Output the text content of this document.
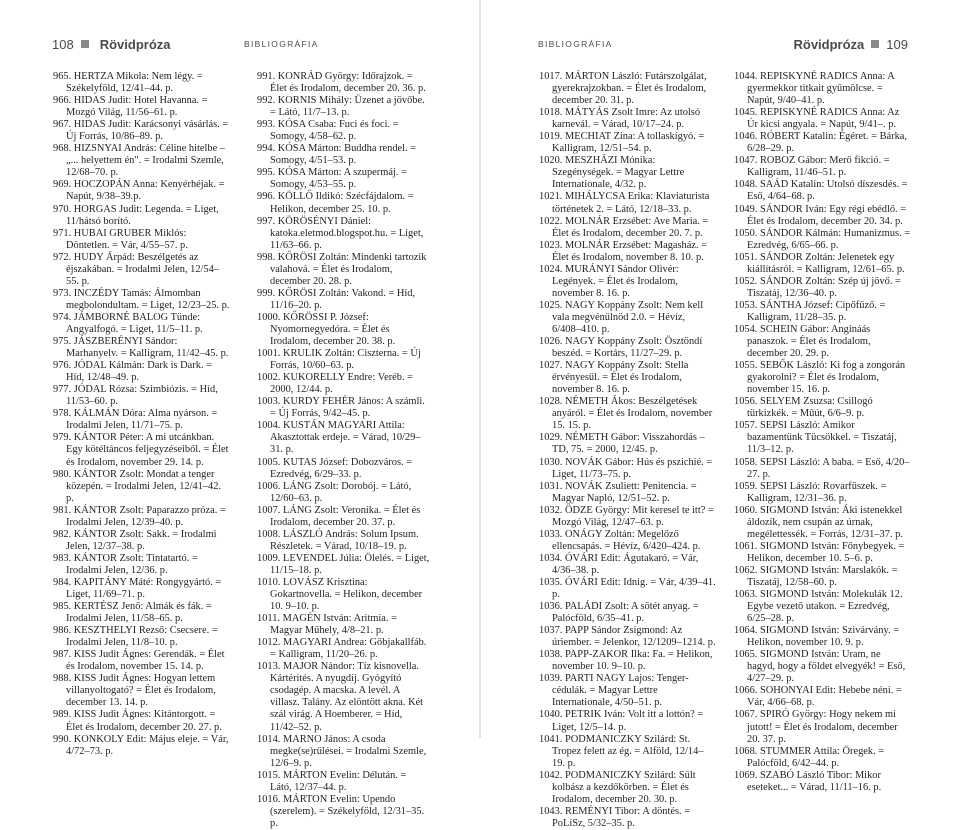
108 Rövidpróza	BIBLIOGRÁFIA	BIBLIOGRÁFIA	Rövidpróza 109
965. HERTZA Mikola: Nem légy. = Székelyföld, 12/41–44. p.
966. HIDAS Judit: Hotel Havanna. = Mozgó Világ, 11/56–61. p.
967. HIDAS Judit: Karácsonyi vásárlás. = Új Forrás, 10/86–89. p.
968. HIZSNYAI András: Céline hitelbe – „... helyettem én". = Irodalmi Szemle, 12/68–70. p.
969. HOCZOPÁN Anna: Kenyérhéjak. = Napút, 9/38–39.p.
970. HORGAS Judit: Legenda. = Liget, 11/hátsó borító.
971. HUBAI GRUBER Miklós: Döntetlen. = Vár, 4/55–57. p.
972. HUDY Árpád: Beszélgetés az éjszakában. = Irodalmi Jelen, 12/54–55. p.
973. INCZÉDY Tamás: Álmomban megbolondultam. = Liget, 12/23–25. p.
974. JÁMBORNÉ BALOG Tünde: Angyalfogó. = Liget, 11/5–11. p.
975. JÁSZBERÉNYI Sándor: Marhanyelv. = Kalligram, 11/42–45. p.
976. JÓDAL Kálmán: Dark is Dark. = Híd, 12/48–49. p.
977. JÓDAL Rózsa: Szimbiózis. = Híd, 11/53–60. p.
978. KÁLMÁN Dóra: Alma nyárson. = Irodalmi Jelen, 11/71–75. p.
979. KÁNTOR Péter: A mi utcánkban. Egy kötéltáncos feljegyzéseiből. = Élet és Irodalom, november 29. 14. p.
980. KÁNTOR Zsolt: Mondat a tenger közepén. = Irodalmi Jelen, 12/41–42. p.
981. KÁNTOR Zsolt: Paparazzo próza. = Irodalmi Jelen, 12/39–40. p.
982. KÁNTOR Zsolt: Sakk. = Irodalmi Jelen, 12/37–38. p.
983. KÁNTOR Zsolt: Tintatartó. = Irodalmi Jelen, 12/36. p.
984. KAPITÁNY Máté: Rongygyártó. = Liget, 11/69–71. p.
985. KERTÉSZ Jenő: Almák és fák. = Irodalmi Jelen, 11/58–65. p.
986. KESZTHELYI Rezső: Csecsere. = Irodalmi Jelen, 11/8–10. p.
987. KISS Judit Ágnes: Gerendák. = Élet és Irodalom, november 15. 14. p.
988. KISS Judit Ágnes: Hogyan lettem villanyoltogató? = Élet és Irodalom, december 13. 14. p.
989. KISS Judit Ágnes: Kitántorgott. = Élet és Irodalom, december 20. 27. p.
990. KONKOLY Edit: Május eleje. = Vár, 4/72–73. p.
991. KONRÁD György: Időrajzok. = Élet és Irodalom, december 20. 36. p.
992. KORNIS Mihály: Üzenet a jövőbe. = Látó, 11/7–13. p.
993. KÓSA Csaba: Fuci és foci. = Somogy, 4/58–62. p.
994. KÓSA Márton: Buddha rendel. = Somogy, 4/51–53. p.
995. KÓSA Márton: A szupermáj. = Somogy, 4/53–55. p.
996. KÖLLŐ Ildikó: Szécfájdalom. = Helikon, december 25. 10. p.
997. KÖRÖSÉNYI Dániel: katoka.eletmod.blogspot.hu. = Liget, 11/63–66. p.
998. KŐRÖSI Zoltán: Mindenki tartozik valahová. = Élet és Irodalom, december 20. 28. p.
999. KŐRÖSI Zoltán: Vakond. = Híd, 11/16–20. p.
1000. KŐRÖSSI P. József: Nyomornegyedóra. = Élet és Irodalom, december 20. 38. p.
1001. KRULIK Zoltán: Ciszterna. = Új Forrás, 10/60–63. p.
1002. KUKORELLY Endre: Veréb. = 2000, 12/44. p.
1003. KURDY FEHÉR János: A számli. = Új Forrás, 9/42–45. p.
1004. KUSTÁN MAGYARI Attila: Akasztottak erdeje. = Várad, 10/29–31. p.
1005. KUTAS József: Dobozváros. = Ezredvég, 6/29–33. p.
1006. LÁNG Zsolt: Dorobój. = Látó, 12/60–63. p.
1007. LÁNG Zsolt: Veronika. = Élet és Irodalom, december 20. 37. p.
1008. LÁSZLÓ András: Solum Ipsum. Részletek. = Várad, 10/18–19. p.
1009. LEVENDEL Júlia: Ölelés. = Liget, 11/15–18. p.
1010. LOVÁSZ Krisztina: Gokartnovella. = Helikon, december 10. 9–10. p.
1011. MAGÉN István: Aritmia. = Magyar Műhely, 4/8–21. p.
1012. MAGYARI Andrea: Gőbjakallfáb. = Kalligram, 11/20–26. p.
1013. MAJOR Nándor: Tíz kisnovella. Kártérítés. A nyugdíj. Gyógyító csodagép. A macska. A levél. A villasz. Talány. Az elöntött akna. Két szál virág. A Hoemberer. = Híd, 11/42–52. p.
1014. MARNO János: A csoda megke(se)rülései. = Irodalmi Szemle, 12/6–9. p.
1015. MÁRTON Evelin: Délután. = Látó, 12/37–44. p.
1016. MÁRTON Evelin: Upendo (szerelem). = Székelyföld, 12/31–35. p.
1017. MÁRTON László: Futárszolgálat, gyerekrajzokban. = Élet és Irodalom, december 20. 31. p.
1018. MÁTYÁS Zsolt Imre: Az utolsó karnevál. = Várad, 10/17–24. p.
1019. MECHIAT Zina: A tollaskígyó. = Kalligram, 12/51–54. p.
1020. MESZHÁZI Mónika: Szegénységek. = Magyar Lettre Internationale, 4/32. p.
1021. MIHÁLYCSA Erika: Klaviaturista történetek 2. = Látó, 12/18–33. p.
1022. MOLNÁR Erzsébet: Ave Maria. = Élet és Irodalom, december 20. 7. p.
1023. MOLNÁR Erzsébet: Magasház. = Élet és Irodalom, november 8. 10. p.
1024. MURÁNYI Sándor Olivér: Legények. = Élet és Irodalom, november 8. 16. p.
1025. NAGY Koppány Zsolt: Nem kell vala megvénülnöd 2.0. = Hévíz, 6/408–410. p.
1026. NAGY Koppány Zsolt: Ösztöndí beszéd. = Kortárs, 11/27–29. p.
1027. NAGY Koppány Zsolt: Stella érvényesül. = Élet és Irodalom, november 8. 16. p.
1028. NÉMETH Ákos: Beszélgetések anyáról. = Élet és Irodalom, november 15. 15. p.
1029. NÉMETH Gábor: Visszahordás – TD, 75. = 2000, 12/45. p.
1030. NOVÁK Gábor: Hús és pszichié. = Liget, 11/73–75. p.
1031. NOVÁK Zsuliett: Penitencia. = Magyar Napló, 12/51–52. p.
1032. ÖDZE György: Mit keresel te itt? = Mozgó Világ, 12/47–63. p.
1033. ONÁGY Zoltán: Megelőző ellencsapás. = Hévíz, 6/420–424. p.
1034. ÓVÁRI Edit: Águtakaró. = Vár, 4/36–38. p.
1035. ÓVÁRI Edit: Idnig. = Vár, 4/39–41. p.
1036. PALÁDI Zsolt: A sötét anyag. = Palócföld, 6/35–41. p.
1037. PAPP Sándor Zsigmond: Az úriember. = Jelenkor, 12/1209–1214. p.
1038. PAPP-ZAKOR Ilka: Fa. = Helikon, november 10. 9–10. p.
1039. PARTI NAGY Lajos: Tenger-cédulák. = Magyar Lettre Internationale, 4/50–51. p.
1040. PETRIK Iván: Volt itt a lottón? = Liget, 12/5–14. p.
1041. PODMANICZKY Szilárd: St. Tropez felett az ég. = Alföld, 12/14–19. p.
1042. PODMANICZKY Szilárd: Sült kolbász a kezdőkörben. = Élet és Irodalom, december 20. 30. p.
1043. REMÉNYI Tibor: A döntés. = PoLíSz, 5/32–35. p.
1044. REPISKYNÉ RADICS Anna: A gyermekkor titkait gyűmölcse. = Napút, 9/40–41. p.
1045. REPISKYNÉ RADICS Anna: Az Úr kicsi angyala. = Napút, 9/41–. p.
1046. RÓBERT Katalin: Égéret. = Bárka, 6/28–29. p.
1047. ROBOZ Gábor: Merő fikció. = Kalligram, 11/46–51. p.
1048. SAÁD Katalin: Utolsó díszesdés. = Eső, 4/64–68. p.
1049. SÁNDOR Iván: Egy régi ebédlő. = Élet és Irodalom, december 20. 34. p.
1050. SÁNDOR Kálmán: Humanizmus. = Ezredvég, 6/65–66. p.
1051. SÁNDOR Zoltán: Jelenetek egy kiállításról. = Kalligram, 12/61–65. p.
1052. SÁNDOR Zoltán: Szép új jövő. = Tiszatáj, 12/36–40. p.
1053. SÁNTHA József: Cipőfűző. = Kalligram, 11/28–35. p.
1054. SCHEIN Gábor: Angináás panaszok. = Élet és Irodalom, december 20. 29. p.
1055. SEBŐK László: Ki fog a zongorán gyakorolni? = Élet és Irodalom, november 15. 16. p.
1056. SELYEM Zsuzsa: Csillogó türkizkék. = Műút, 6/6–9. p.
1057. SEPSI László: Amikor bazamentünk Tücsökkel. = Tiszatáj, 11/3–12. p.
1058. SEPSI László: A baba. = Eső, 4/20–27. p.
1059. SEPSI László: Rovarfüszek. = Kalligram, 12/31–36. p.
1060. SIGMOND István: Áki istenekkel áldozik, nem csupán az úrnak, megélettessék. = Forrás, 12/31–37. p.
1061. SIGMOND István: Főnybegyek. = Helikon, december 10. 5–6. p.
1062. SIGMOND István: Marslakók. = Tiszatáj, 12/58–60. p.
1063. SIGMOND István: Molekulák 12. Egybe vezető utakon. = Ezredvég, 6/25–28. p.
1064. SIGMOND István: Szivárvány. = Helikon, november 10. 9. p.
1065. SIGMOND István: Uram, ne hagyd, hogy a földet elvegyék! = Eső, 4/27–29. p.
1066. SOHONYAI Edit: Hebebe néni. = Vár, 4/66–68. p.
1067. SPIRÓ György: Hogy nekem mi jutott! = Élet és Irodalom, december 20. 37. p.
1068. STUMMER Attila: Öregek. = Palócföld, 6/42–44. p.
1069. SZABÓ László Tibor: Mikor eseteket... = Várad, 11/11–16. p.
